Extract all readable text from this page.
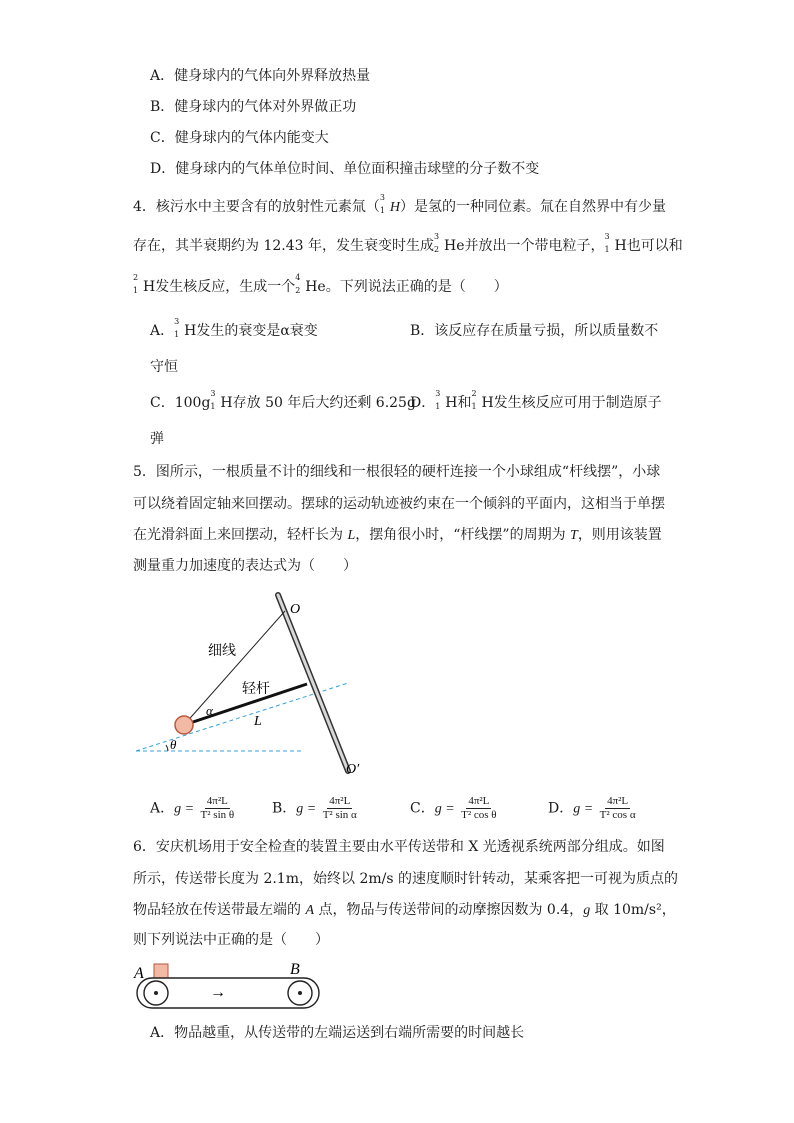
A．健身球内的气体向外界释放热量
B．健身球内的气体对外界做正功
C．健身球内的气体内能变大
D．健身球内的气体单位时间、单位面积撞击球壁的分子数不变
4．核污水中主要含有的放射性元素氚（
3
1 H）是氢的一种同位素。氚在自然界中有少量
存在，其半衰期约为 12.43 年，发生衰变时生成
3
2 He并放出一个带电粒子，
3
1 H也可以和
2
1 H发生核反应，生成一个
4
2 He。下列说法正确的是（　　）
A．
3
1 H发生的衰变是α衰变	B．该反应存在质量亏损，所以质量数不
守恒
C．100g
3
1 H存放 50 年后大约还剩 6.25g
D．
3
1 H和
2
1 H发生核反应可用于制造原子
弹
5．图所示，一根质量不计的细线和一根很轻的硬杆连接一个小球组成“杆线摆”，小球
可以绕着固定轴来回摆动。摆球的运动轨迹被约束在一个倾斜的平面内，这相当于单摆
在光滑斜面上来回摆动，轻杆长为 L，摆角很小时，“杆线摆”的周期为 T，则用该装置
测量重力加速度的表达式为（　　）
O
O′
细线
轻杆
α
L
θ
A．$g = \frac{\text{4π²L}}{\text{T² sin θ}}$	B．$g = \frac{\text{4π²L}}{\text{T² sin α}}$	C．$g = \frac{\text{4π²L}}{\text{T² cos θ}}$	D．$g = \frac{\text{4π²L}}{\text{T² cos α}}$
6．安庆机场用于安全检查的装置主要由水平传送带和 X 光透视系统两部分组成。如图
所示，传送带长度为 2.1m，始终以 2m/s 的速度顺时针转动，某乘客把一可视为质点的
物品轻放在传送带最左端的 A 点，物品与传送带间的动摩擦因数为 0.4，g 取 10m/s²，
则下列说法中正确的是（　　）
A	B
→
A．物品越重，从传送带的左端运送到右端所需要的时间越长
